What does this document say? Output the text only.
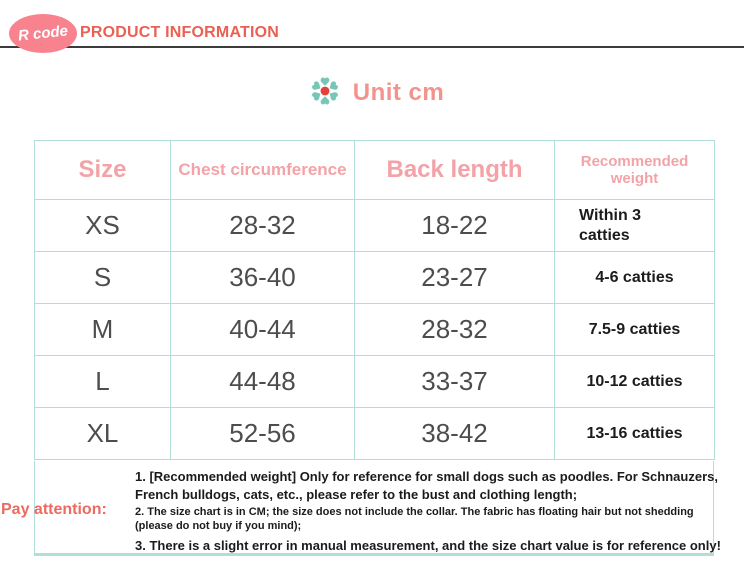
R code PRODUCT INFORMATION
Unit cm
Size	Chest circumference	Back length	Recommended weight
XS	28-32	18-22	Within 3 catties
S	36-40	23-27	4-6 catties
M	40-44	28-32	7.5-9 catties
L	44-48	33-37	10-12 catties
XL	52-56	38-42	13-16 catties
Pay attention:
1. [Recommended weight] Only for reference for small dogs such as poodles. For Schnauzers, French bulldogs, cats, etc., please refer to the bust and clothing length;
2. The size chart is in CM; the size does not include the collar. The fabric has floating hair but not shedding (please do not buy if you mind);
3. There is a slight error in manual measurement, and the size chart value is for reference only!
